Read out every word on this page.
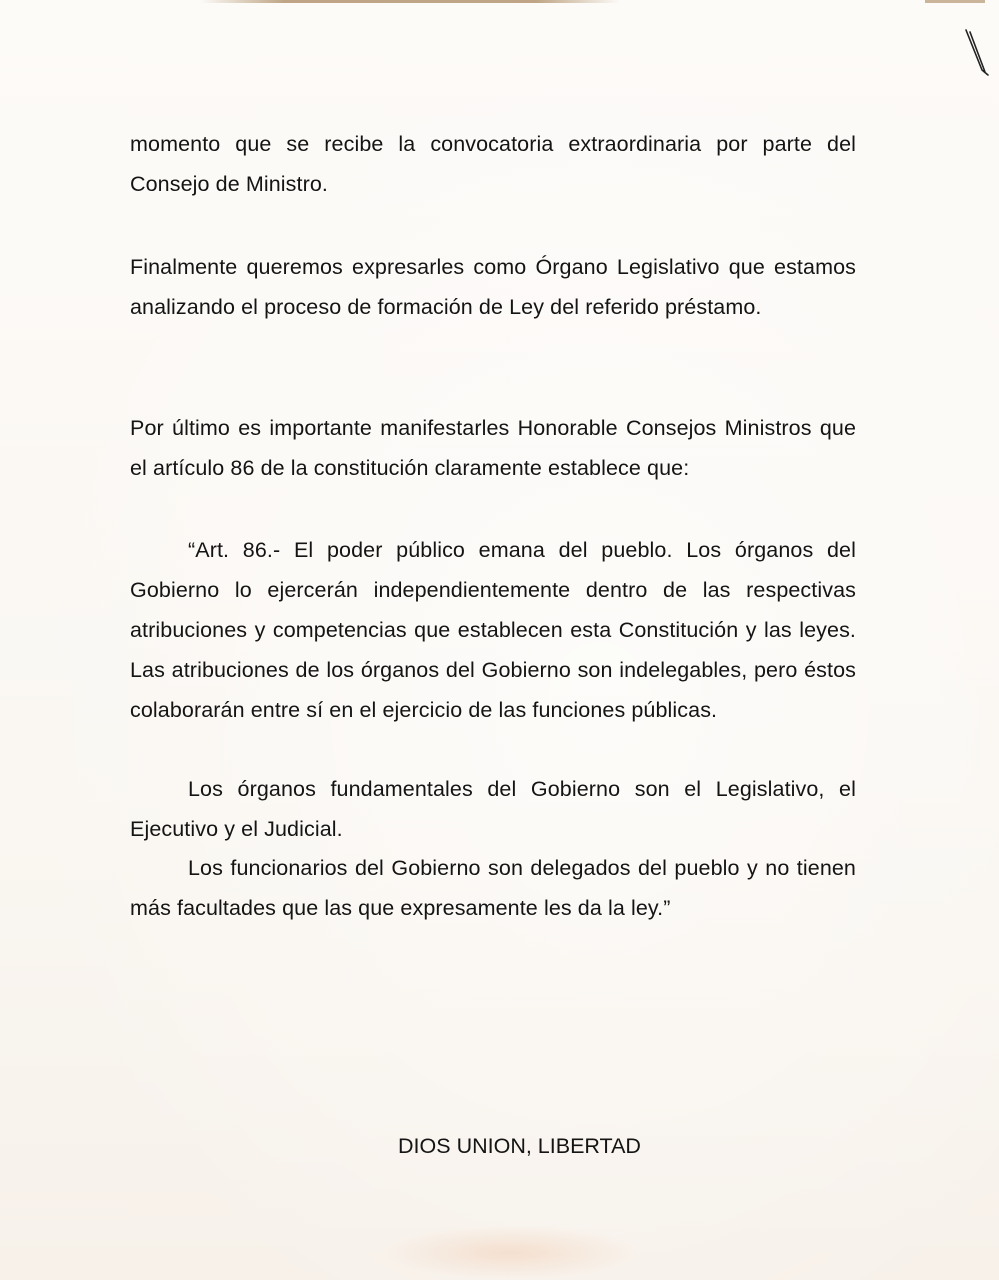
momento que se recibe la convocatoria extraordinaria por parte del Consejo de Ministro.

Finalmente queremos expresarles como Órgano Legislativo que estamos analizando el proceso de formación de Ley del referido préstamo.

Por último es importante manifestarles Honorable Consejos Ministros que el artículo 86 de la constitución claramente establece que:

“Art. 86.- El poder público emana del pueblo. Los órganos del Gobierno lo ejercerán independientemente dentro de las respectivas atribuciones y competencias que establecen esta Constitución y las leyes. Las atribuciones de los órganos del Gobierno son indelegables, pero éstos colaborarán entre sí en el ejercicio de las funciones públicas.

Los órganos fundamentales del Gobierno son el Legislativo, el Ejecutivo y el Judicial.

Los funcionarios del Gobierno son delegados del pueblo y no tienen más facultades que las que expresamente les da la ley.”

DIOS UNION, LIBERTAD
